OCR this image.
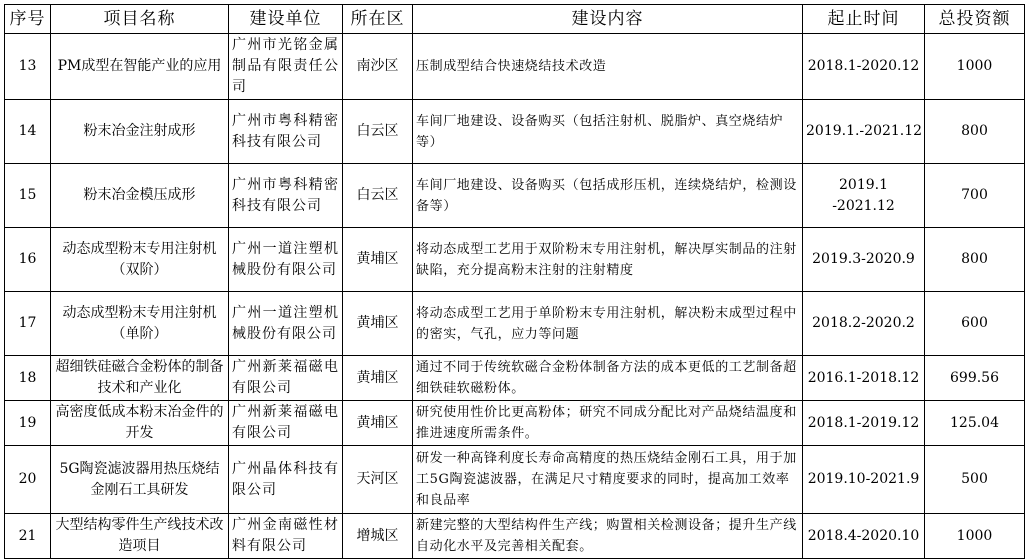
序号	项目名称	建设单位	所在区	建设内容	起止时间	总投资额
13	PM成型在智能产业的应用	广州市光铭金属制品有限责任公司	南沙区	压制成型结合快速烧结技术改造	2018.1-2020.12	1000
14	粉末冶金注射成形	广州市粤科精密科技有限公司	白云区	车间厂地建设、设备购买（包括注射机、脱脂炉、真空烧结炉等）	2019.1.-2021.12	800
15	粉末冶金模压成形	广州市粤科精密科技有限公司	白云区	车间厂地建设、设备购买（包括成形压机，连续烧结炉，检测设备等）	2019.1 -2021.12	700
16	动态成型粉末专用注射机（双阶）	广州一道注塑机械股份有限公司	黄埔区	将动态成型工艺用于双阶粉末专用注射机，解决厚实制品的注射缺陷，充分提高粉末注射的注射精度	2019.3-2020.9	800
17	动态成型粉末专用注射机（单阶）	广州一道注塑机械股份有限公司	黄埔区	将动态成型工艺用于单阶粉末专用注射机，解决粉末成型过程中的密实，气孔，应力等问题	2018.2-2020.2	600
18	超细铁硅磁合金粉体的制备技术和产业化	广州新莱福磁电有限公司	黄埔区	通过不同于传统软磁合金粉体制备方法的成本更低的工艺制备超细铁硅软磁粉体。	2016.1-2018.12	699.56
19	高密度低成本粉末冶金件的开发	广州新莱福磁电有限公司	黄埔区	研究使用性价比更高粉体；研究不同成分配比对产品烧结温度和推进速度所需条件。	2018.1-2019.12	125.04
20	5G陶瓷滤波器用热压烧结金刚石工具研发	广州晶体科技有限公司	天河区	研发一种高锋利度长寿命高精度的热压烧结金刚石工具，用于加工5G陶瓷滤波器，在满足尺寸精度要求的同时，提高加工效率和良品率	2019.10-2021.9	500
21	大型结构零件生产线技术改造项目	广州金南磁性材料有限公司	增城区	新建完整的大型结构件生产线；购置相关检测设备；提升生产线自动化水平及完善相关配套。	2018.4-2020.10	1000
